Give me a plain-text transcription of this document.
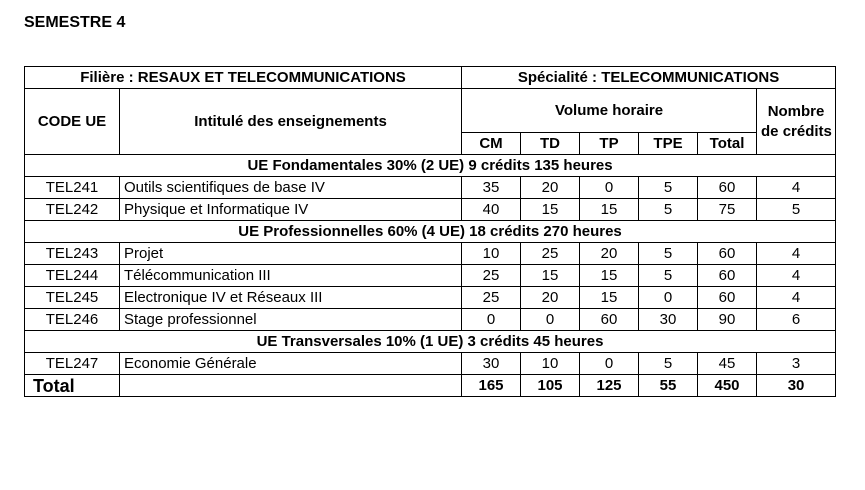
SEMESTRE 4
Filière : RESAUX ET TELECOMMUNICATIONS		Spécialité : TELECOMMUNICATIONS					
CODE UE	Intitulé des enseignements	Volume horaire					Nombre
de crédits

		CM	TD	TP	TPE	Total	
UE Fondamentales 30% (2 UE) 9 crédits 135 heures							
TEL241	Outils scientifiques de base IV	35	20	0	5	60	4
TEL242	Physique et Informatique IV	40	15	15	5	75	5
UE Professionnelles 60% (4 UE) 18 crédits 270 heures							
TEL243	Projet	10	25	20	5	60	4
TEL244	Télécommunication III	25	15	15	5	60	4
TEL245	Electronique IV et Réseaux III	25	20	15	0	60	4
TEL246	Stage professionnel	0	0	60	30	90	6
UE Transversales 10% (1 UE) 3 crédits 45 heures							
TEL247	Economie Générale	30	10	0	5	45	3
Total		165	105	125	55	450	30
